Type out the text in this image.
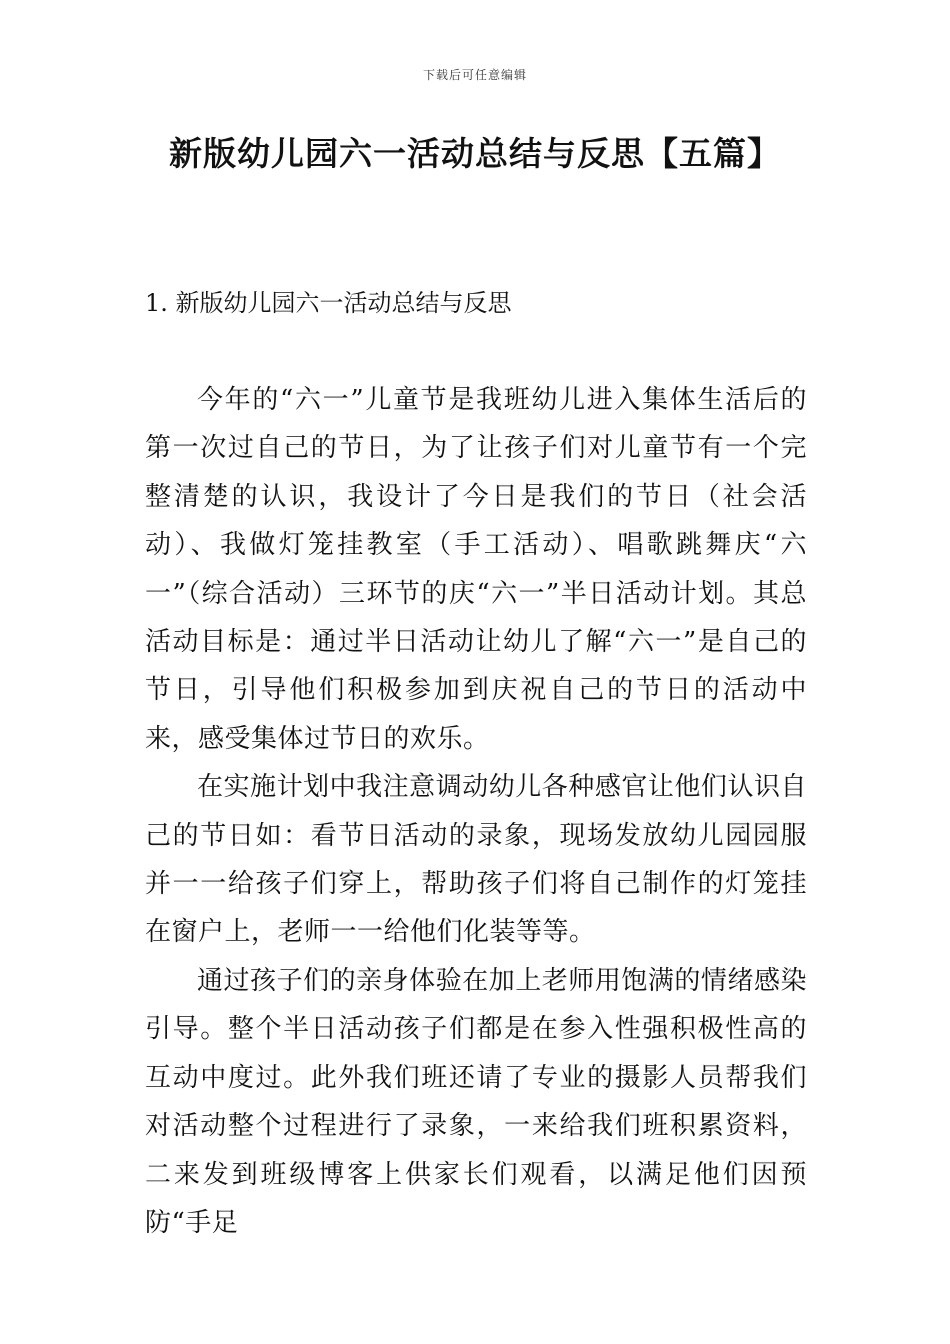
下载后可任意编辑
新版幼儿园六一活动总结与反思【五篇】
1. 新版幼儿园六一活动总结与反思

今年的“六一”儿童节是我班幼儿进入集体生活后的第一次过自己的节日，为了让孩子们对儿童节有一个完整清楚的认识，我设计了今日是我们的节日（社会活动）、我做灯笼挂教室（手工活动）、唱歌跳舞庆“六一”（综合活动）三环节的庆“六一”半日活动计划。其总活动目标是：通过半日活动让幼儿了解“六一”是自己的节日，引导他们积极参加到庆祝自己的节日的活动中来，感受集体过节日的欢乐。

在实施计划中我注意调动幼儿各种感官让他们认识自己的节日如：看节日活动的录象，现场发放幼儿园园服并一一给孩子们穿上，帮助孩子们将自己制作的灯笼挂在窗户上，老师一一给他们化装等等。

通过孩子们的亲身体验在加上老师用饱满的情绪感染引导。整个半日活动孩子们都是在参入性强积极性高的互动中度过。此外我们班还请了专业的摄影人员帮我们对活动整个过程进行了录象，一来给我们班积累资料，二来发到班级博客上供家长们观看，以满足他们因预防“手足
